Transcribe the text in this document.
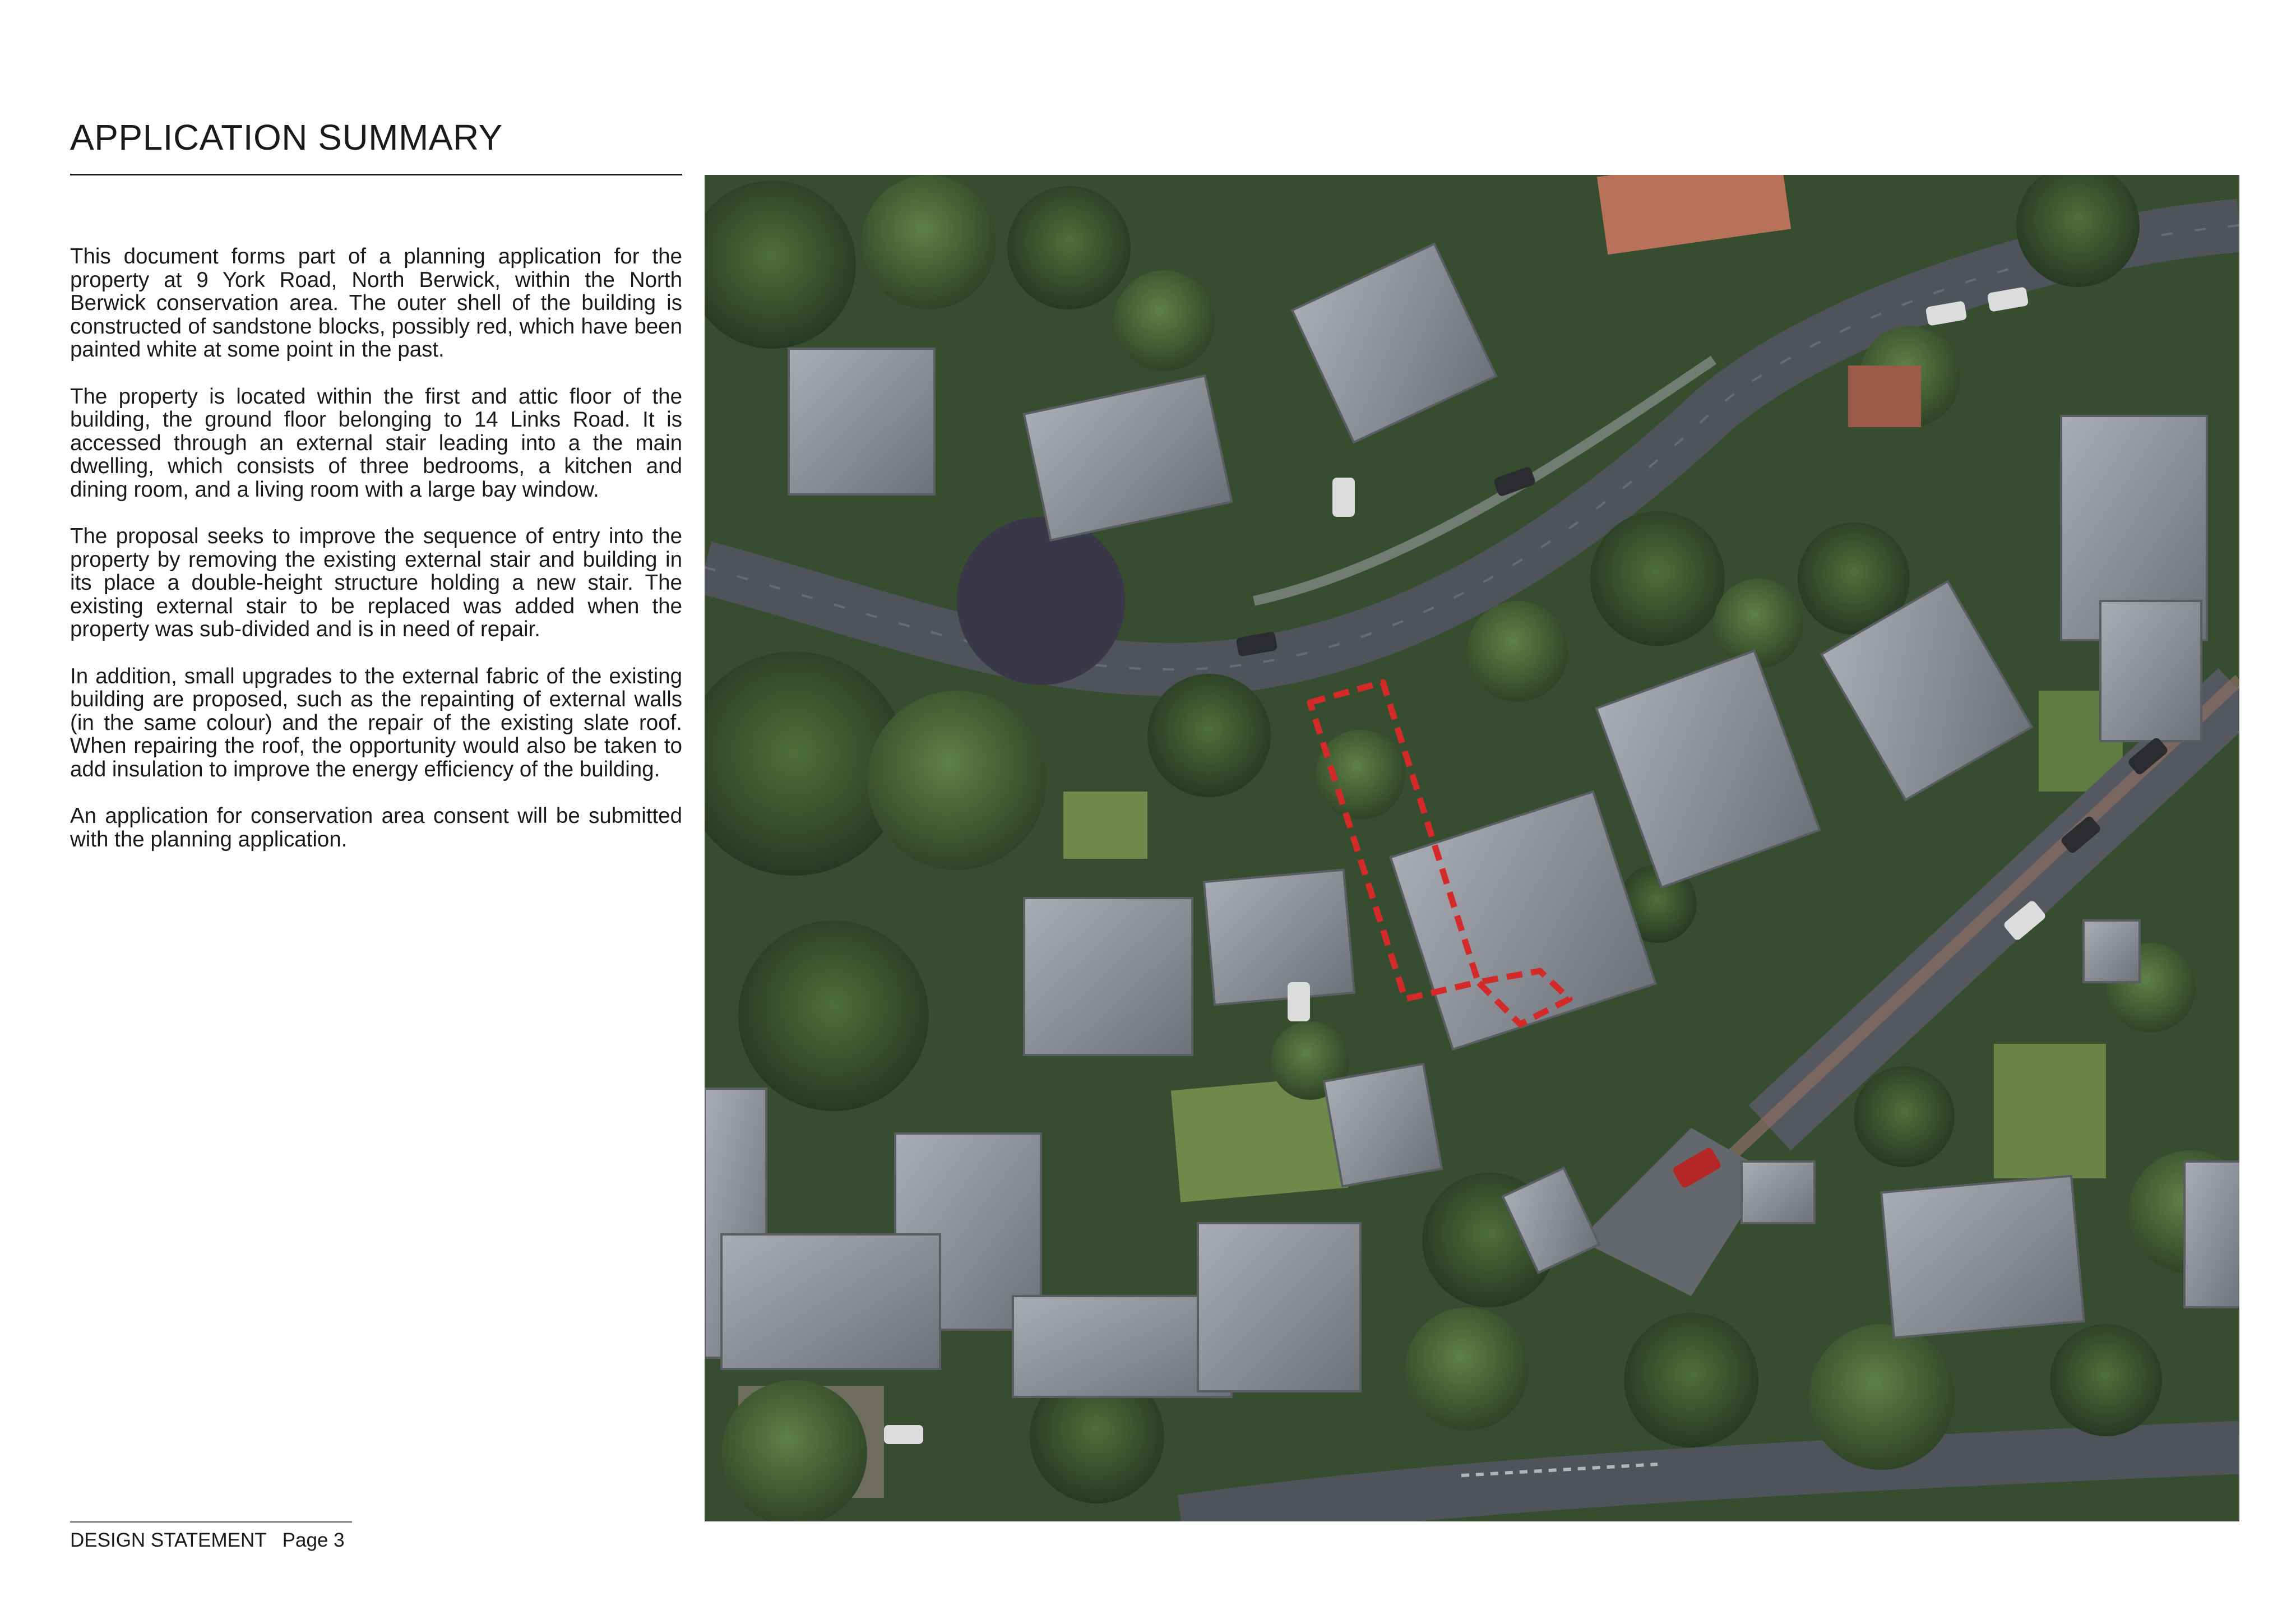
APPLICATION SUMMARY

This document forms part of a planning application for the property at 9 York Road, North Berwick, within the North Berwick conservation area. The outer shell of the building is constructed of sandstone blocks, possibly red, which have been painted white at some point in the past.

The property is located within the first and attic floor of the building, the ground floor belonging to 14 Links Road. It is accessed through an external stair leading into a the main dwelling, which consists of three bedrooms, a kitchen and dining room, and a living room with a large bay window.

The proposal seeks to improve the sequence of entry into the property by removing the existing external stair and building in its place a double-height structure holding a new stair. The existing external stair to be replaced was added when the property was sub-divided and is in need of repair.

In addition, small upgrades to the external fabric of the existing building are proposed, such as the repainting of external walls (in the same colour) and the repair of the existing slate roof. When repairing the roof, the opportunity would also be taken to add insulation to improve the energy efficiency of the building.

An application for conservation area consent will be submitted with the planning application.

DESIGN STATEMENT Page 3
